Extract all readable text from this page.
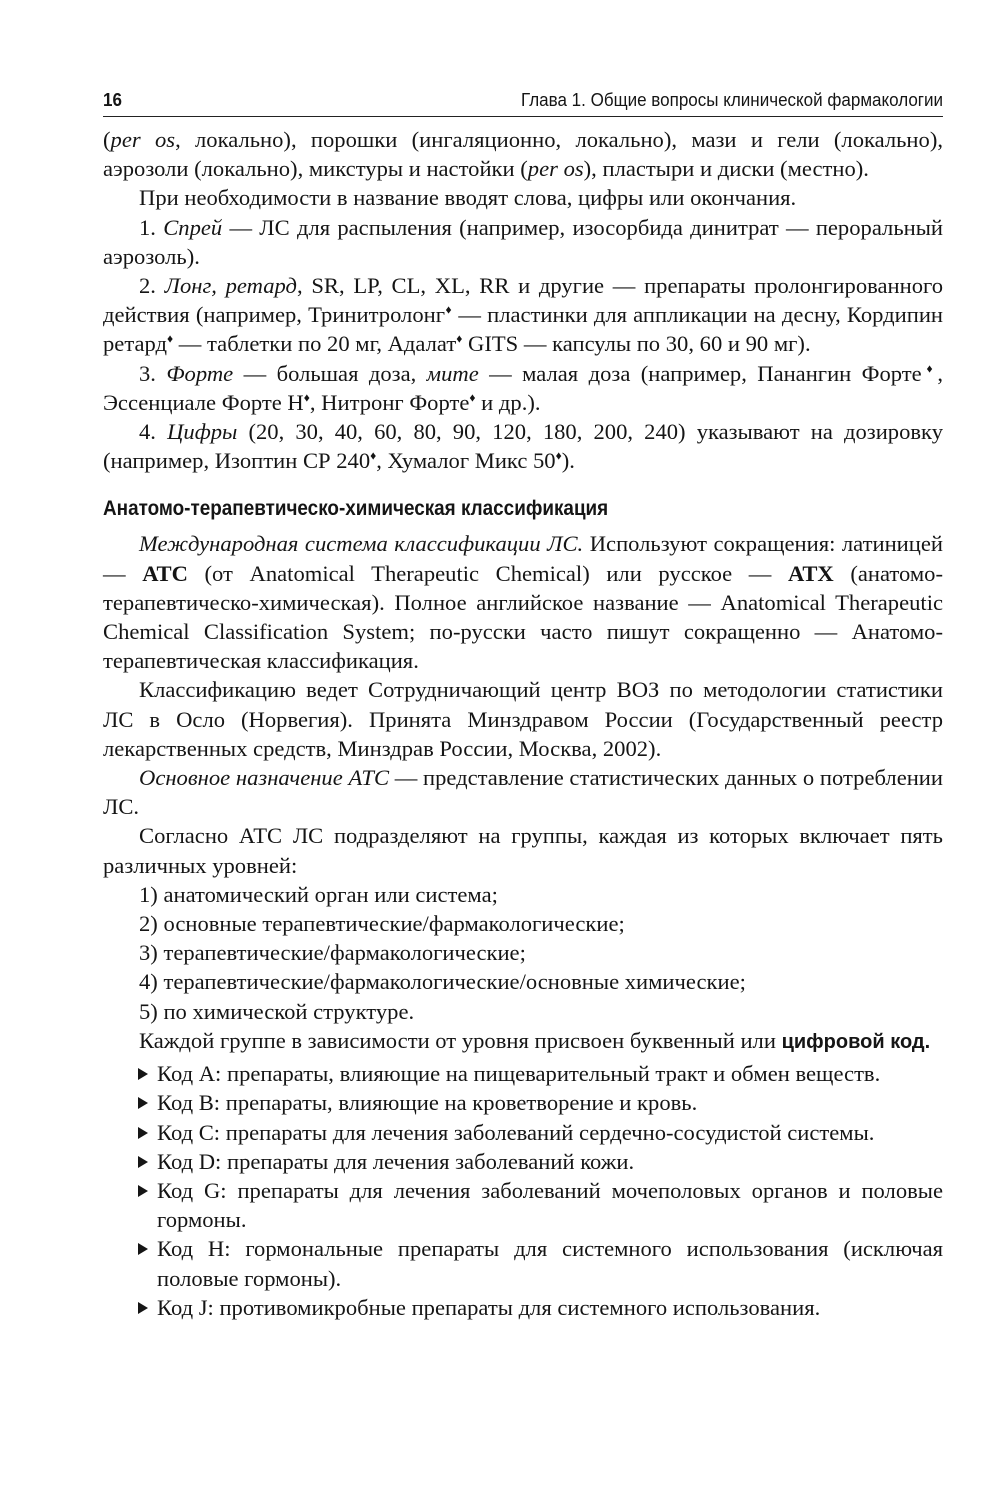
16	Глава 1. Общие вопросы клинической фармакологии

(per os, локально), порошки (ингаляционно, локально), мази и гели (локально), аэрозоли (локально), микстуры и настойки (per os), пластыри и диски (местно).

При необходимости в название вводят слова, цифры или окончания.

1. Спрей — ЛС для распыления (например, изосорбида динитрат — пероральный аэрозоль).

2. Лонг, ретард, SR, LP, CL, XL, RR и другие — препараты пролонгированного действия (например, Тринитролонг♦ — пластинки для аппликации на десну, Кордипин ретард♦ — таблетки по 20 мг, Адалат♦ GITS — капсулы по 30, 60 и 90 мг).

3. Форте — большая доза, мите — малая доза (например, Панангин Форте♦, Эссенциале Форте Н♦, Нитронг Форте♦ и др.).

4. Цифры (20, 30, 40, 60, 80, 90, 120, 180, 200, 240) указывают на дозировку (например, Изоптин СР 240♦, Хумалог Микс 50♦).

Анатомо-терапевтическо-химическая классификация

Международная система классификации ЛС. Используют сокращения: латиницей — АТС (от Anatomical Therapeutic Chemical) или русское — АТХ (анатомо-терапевтическо-химическая). Полное английское название — Anatomical Therapeutic Chemical Classification System; по-русски часто пишут сокращенно — Анатомо-терапевтическая классификация.

Классификацию ведет Сотрудничающий центр ВОЗ по методологии статистики ЛС в Осло (Норвегия). Принята Минздравом России (Государственный реестр лекарственных средств, Минздрав России, Москва, 2002).

Основное назначение АТС — представление статистических данных о потреблении ЛС.

Согласно АТС ЛС подразделяют на группы, каждая из которых включает пять различных уровней:

1) анатомический орган или система;
2) основные терапевтические/фармакологические;
3) терапевтические/фармакологические;
4) терапевтические/фармакологические/основные химические;
5) по химической структуре.

Каждой группе в зависимости от уровня присвоен буквенный или цифровой код.

Код A: препараты, влияющие на пищеварительный тракт и обмен веществ.
Код B: препараты, влияющие на кроветворение и кровь.
Код C: препараты для лечения заболеваний сердечно-сосудистой системы.
Код D: препараты для лечения заболеваний кожи.
Код G: препараты для лечения заболеваний мочеполовых органов и половые гормоны.
Код H: гормональные препараты для системного использования (исключая половые гормоны).
Код J: противомикробные препараты для системного использования.
